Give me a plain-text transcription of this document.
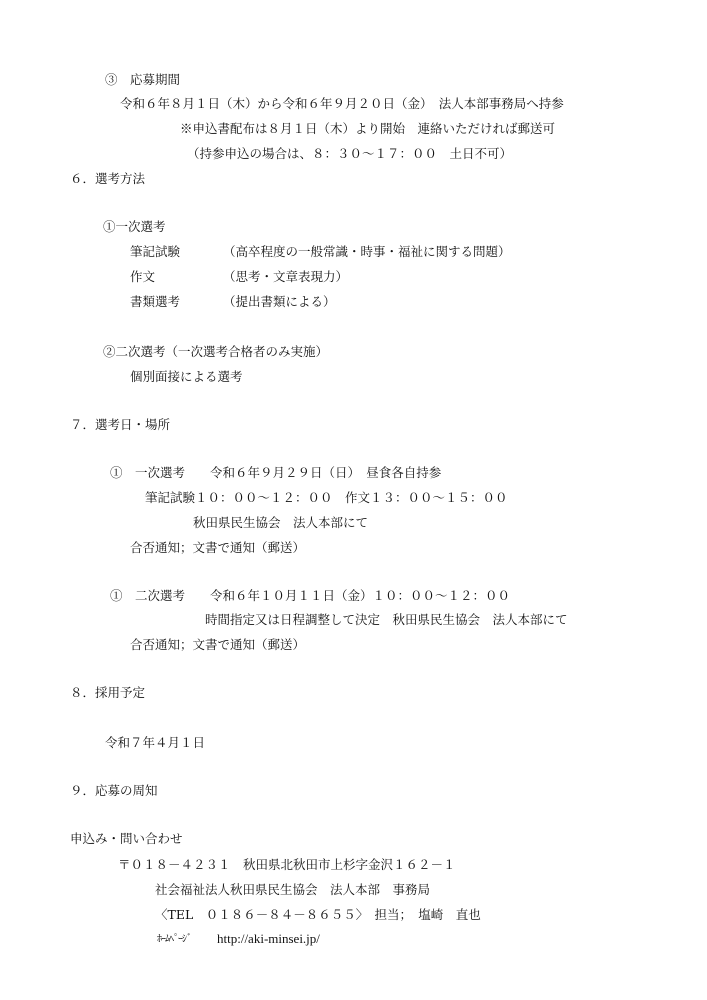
③　応募期間
令和６年８月１日（木）から令和６年９月２０日（金）　法人本部事務局へ持参
※申込書配布は８月１日（木）より開始　連絡いただければ郵送可
（持参申込の場合は、８：３０～１７：００　土日不可）
６．選考方法
①一次選考
筆記試験	（高卒程度の一般常識・時事・福祉に関する問題）
作文	（思考・文章表現力）
書類選考	（提出書類による）
②二次選考（一次選考合格者のみ実施）
個別面接による選考
７．選考日・場所
①　一次選考　　令和６年９月２９日（日）　昼食各自持参
筆記試験１０：００～１２：００　作文１３：００～１５：００
秋田県民生協会　法人本部にて
合否通知；文書で通知（郵送）
①　二次選考　　令和６年１０月１１日（金）１０：００～１２：００
時間指定又は日程調整して決定　秋田県民生協会　法人本部にて
合否通知；文書で通知（郵送）
８．採用予定
令和７年４月１日
９．応募の周知
申込み・問い合わせ
〒０１８－４２３１　秋田県北秋田市上杉字金沢１６２－１
社会福祉法人秋田県民生協会　法人本部　事務局
〈TEL　０１８６－８４－８６５５〉　担当；　塩崎　直也
ﾎｰﾑﾍﾟｰｼﾞ http://aki-minsei.jp/
